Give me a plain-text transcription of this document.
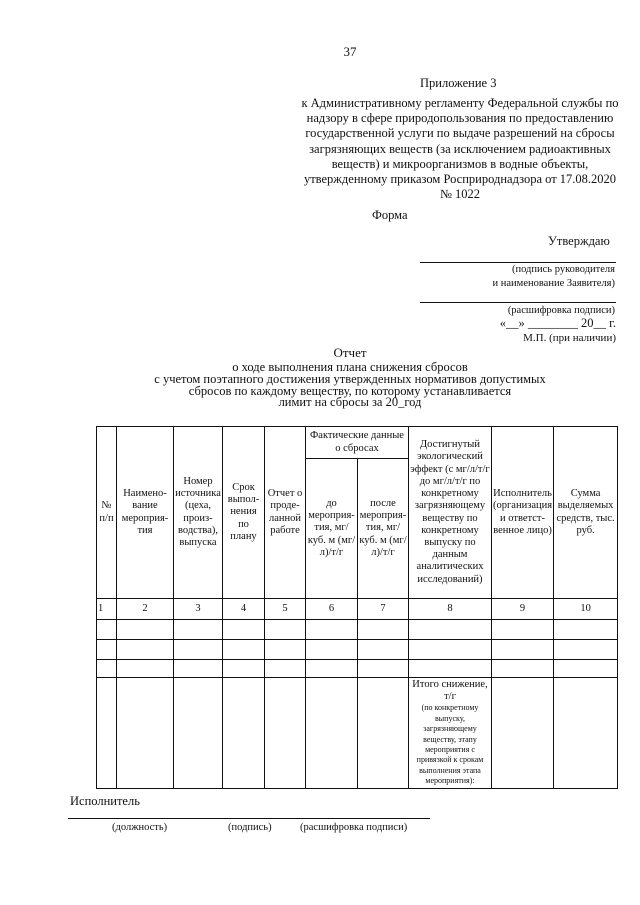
37
Приложение 3
к Административному регламенту Федеральной службы по надзору в сфере природопользования по предоставлению государственной услуги по выдаче разрешений на сбросы загрязняющих веществ (за исключением радиоактивных веществ) и микроорганизмов в водные объекты, утвержденному приказом Росприроднадзора от 17.08.2020 № 1022
Форма
Утверждаю
(подпись руководителя
и наименование Заявителя)
(расшифровка подписи)
«__» ________ 20__ г.
М.П. (при наличии)
Отчет
о ходе выполнения плана снижения сбросов
с учетом поэтапного достижения утвержденных нормативов допустимых
сбросов по каждому веществу, по которому устанавливается
лимит на сбросы за 20_год
№ п/п	Наимено- вание мероприя- тия	Номер источника (цеха, произ- водства), выпуска	Срок выпол- нения по плану	Отчет о проде- ланной работе	Фактические данные о сбросах		Достигнутый экологический эффект (с мг/л/т/г до мг/л/т/г по конкретному загрязняющему веществу по конкретному выпуску по данным аналитических исследований)	Исполнитель (организация и ответст- венное лицо)	Сумма выделяемых средств, тыс. руб.
					до мероприя- тия, мг/ куб. м (мг/л)/т/г	после мероприя- тия, мг/ куб. м (мг/л)/т/г			
1	2	3	4	5	6	7	8	9	10

							Итого снижение, т/г
(по конкретному выпуску, загрязняющему веществу, этапу мероприятия с привязкой к срокам выполнения этапа мероприятия):		

Исполнитель
(должность)	(подпись)	(расшифровка подписи)
